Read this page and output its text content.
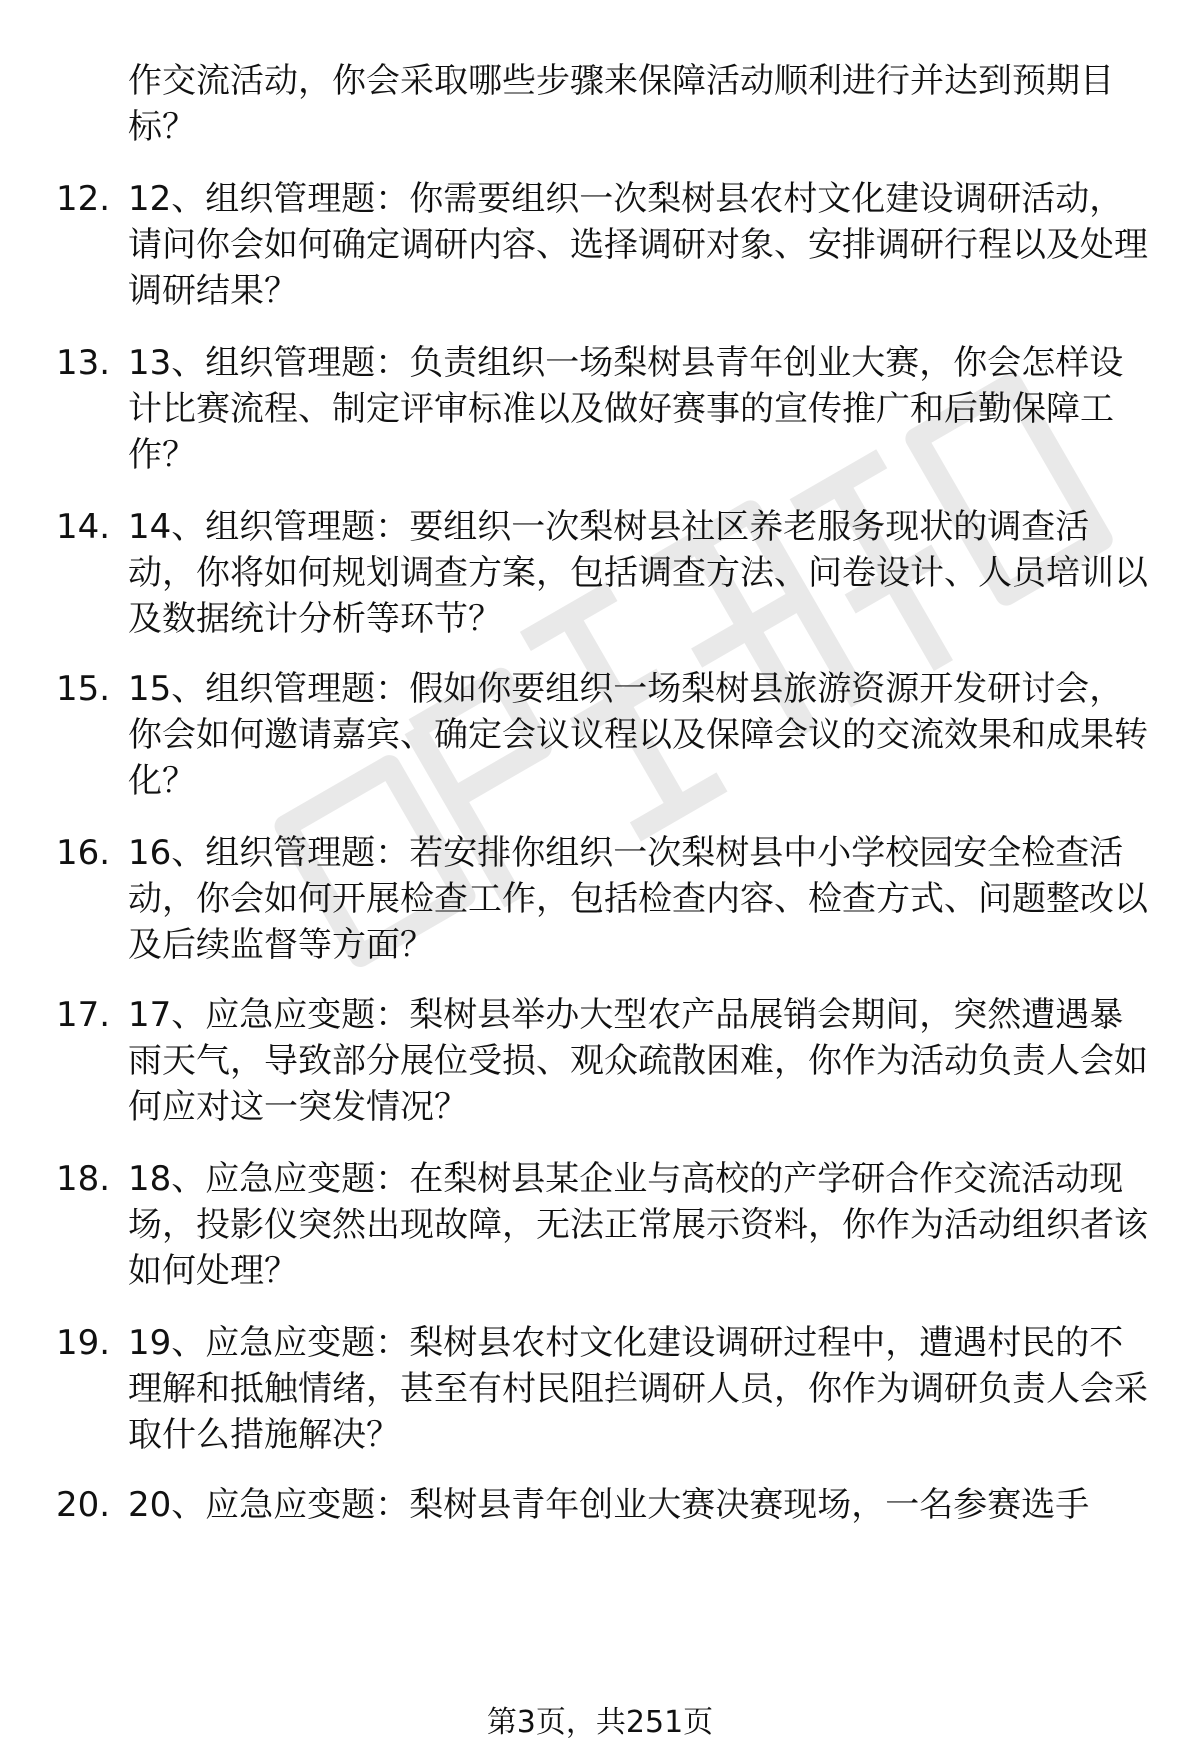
作交流活动，你会采取哪些步骤来保障活动顺利进行并达到预期目标？

12. 12、组织管理题：你需要组织一次梨树县农村文化建设调研活动，请问你会如何确定调研内容、选择调研对象、安排调研行程以及处理调研结果？

13. 13、组织管理题：负责组织一场梨树县青年创业大赛，你会怎样设计比赛流程、制定评审标准以及做好赛事的宣传推广和后勤保障工作？

14. 14、组织管理题：要组织一次梨树县社区养老服务现状的调查活动，你将如何规划调查方案，包括调查方法、问卷设计、人员培训以及数据统计分析等环节？

15. 15、组织管理题：假如你要组织一场梨树县旅游资源开发研讨会，你会如何邀请嘉宾、确定会议议程以及保障会议的交流效果和成果转化？

16. 16、组织管理题：若安排你组织一次梨树县中小学校园安全检查活动，你会如何开展检查工作，包括检查内容、检查方式、问题整改以及后续监督等方面？

17. 17、应急应变题：梨树县举办大型农产品展销会期间，突然遭遇暴雨天气，导致部分展位受损、观众疏散困难，你作为活动负责人会如何应对这一突发情况？

18. 18、应急应变题：在梨树县某企业与高校的产学研合作交流活动现场，投影仪突然出现故障，无法正常展示资料，你作为活动组织者该如何处理？

19. 19、应急应变题：梨树县农村文化建设调研过程中，遭遇村民的不理解和抵触情绪，甚至有村民阻拦调研人员，你作为调研负责人会采取什么措施解决？

20. 20、应急应变题：梨树县青年创业大赛决赛现场，一名参赛选手

第3页，共251页
